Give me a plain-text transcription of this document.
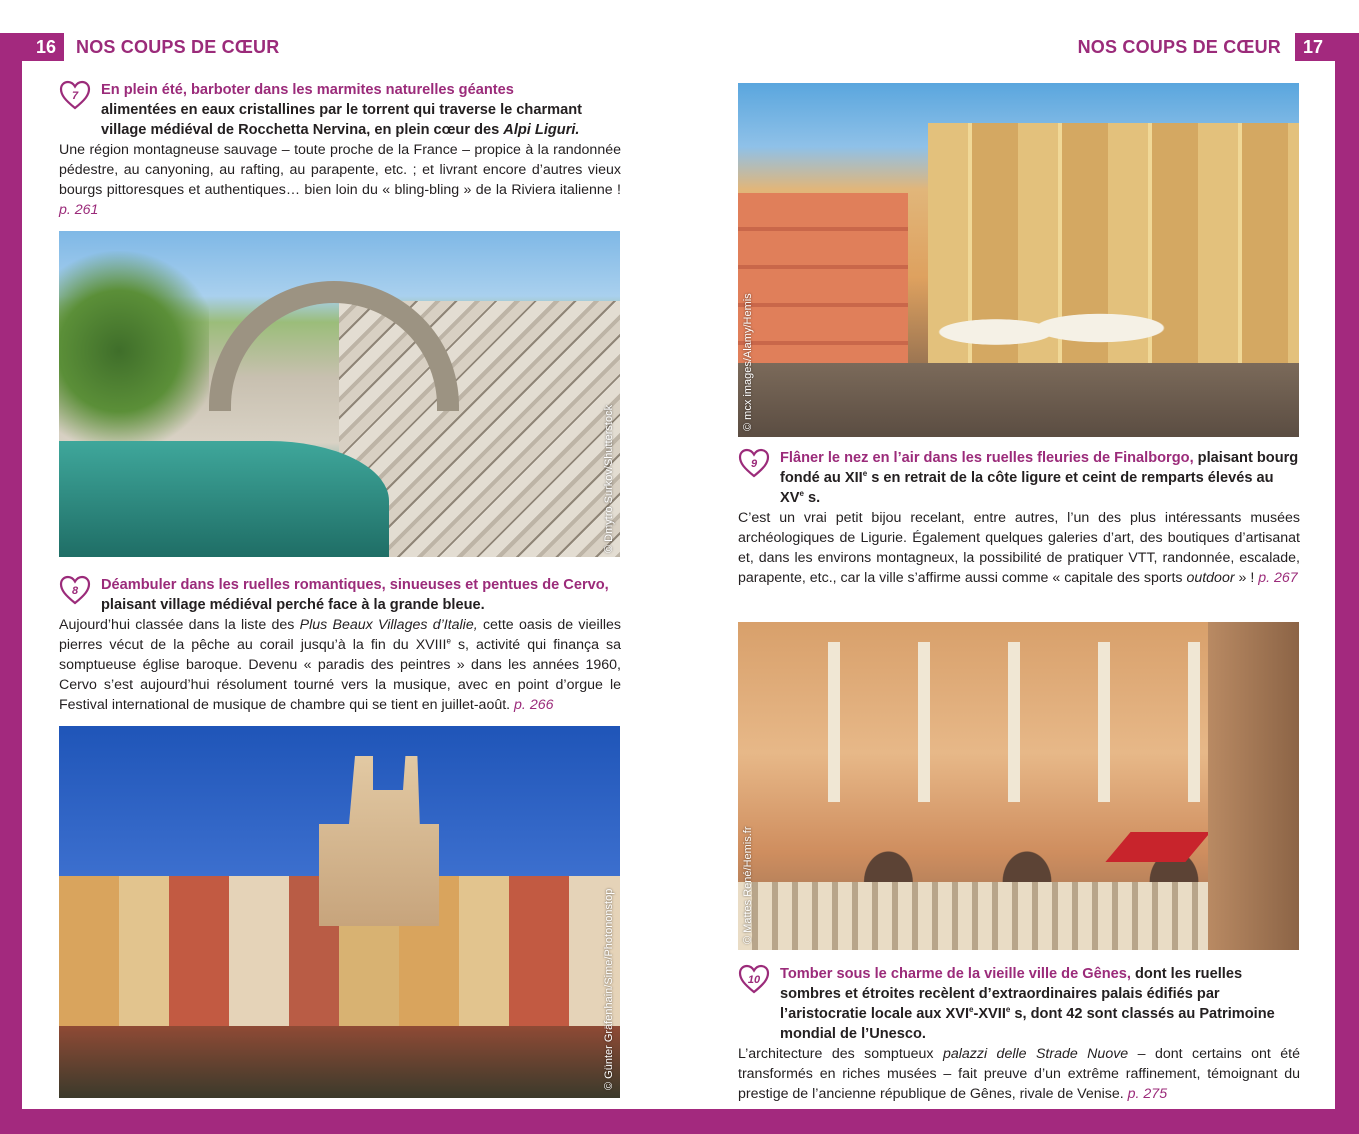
16	NOS COUPS DE CŒUR	NOS COUPS DE CŒUR	17
7	En plein été, barboter dans les marmites naturelles géantes
alimentées en eaux cristallines par le torrent qui traverse le charmant village médiéval de Rocchetta Nervina, en plein cœur des Alpi Liguri.
Une région montagneuse sauvage – toute proche de la France – propice à la randonnée pédestre, au canyoning, au rafting, au parapente, etc. ; et livrant encore d’autres vieux bourgs pittoresques et authentiques… bien loin du « bling-bling » de la Riviera italienne ! p. 261
© Dmytro Surkov/Shutterstock
8	Déambuler dans les ruelles romantiques, sinueuses et pentues de Cervo, plaisant village médiéval perché face à la grande bleue.
Aujourd’hui classée dans la liste des Plus Beaux Villages d’Italie, cette oasis de vieilles pierres vécut de la pêche au corail jusqu’à la fin du XVIIIe s, activité qui finança sa somptueuse église baroque. Devenu « paradis des peintres » dans les années 1960, Cervo s’est aujourd’hui résolument tourné vers la musique, avec en point d’orgue le Festival international de musique de chambre qui se tient en juillet-août. p. 266
© Günter Gräfenhain/Sime/Photononstop
© mcx images/Alamy/Hemis
9	Flâner le nez en l’air dans les ruelles fleuries de Finalborgo, plaisant bourg fondé au XIIe s en retrait de la côte ligure et ceint de remparts élevés au XVe s.
C’est un vrai petit bijou recelant, entre autres, l’un des plus intéressants musées archéologiques de Ligurie. Également quelques galeries d’art, des boutiques d’artisanat et, dans les environs montagneux, la possibilité de pratiquer VTT, randonnée, escalade, parapente, etc., car la ville s’affirme aussi comme « capitale des sports outdoor » ! p. 267
© Mattes René/Hemis.fr
10	Tomber sous le charme de la vieille ville de Gênes, dont les ruelles sombres et étroites recèlent d’extraordinaires palais édifiés par l’aristocratie locale aux XVIe-XVIIe s, dont 42 sont classés au Patrimoine mondial de l’Unesco.
L’architecture des somptueux palazzi delle Strade Nuove – dont certains ont été transformés en riches musées – fait preuve d’un extrême raffinement, témoignant du prestige de l’ancienne république de Gênes, rivale de Venise. p. 275
